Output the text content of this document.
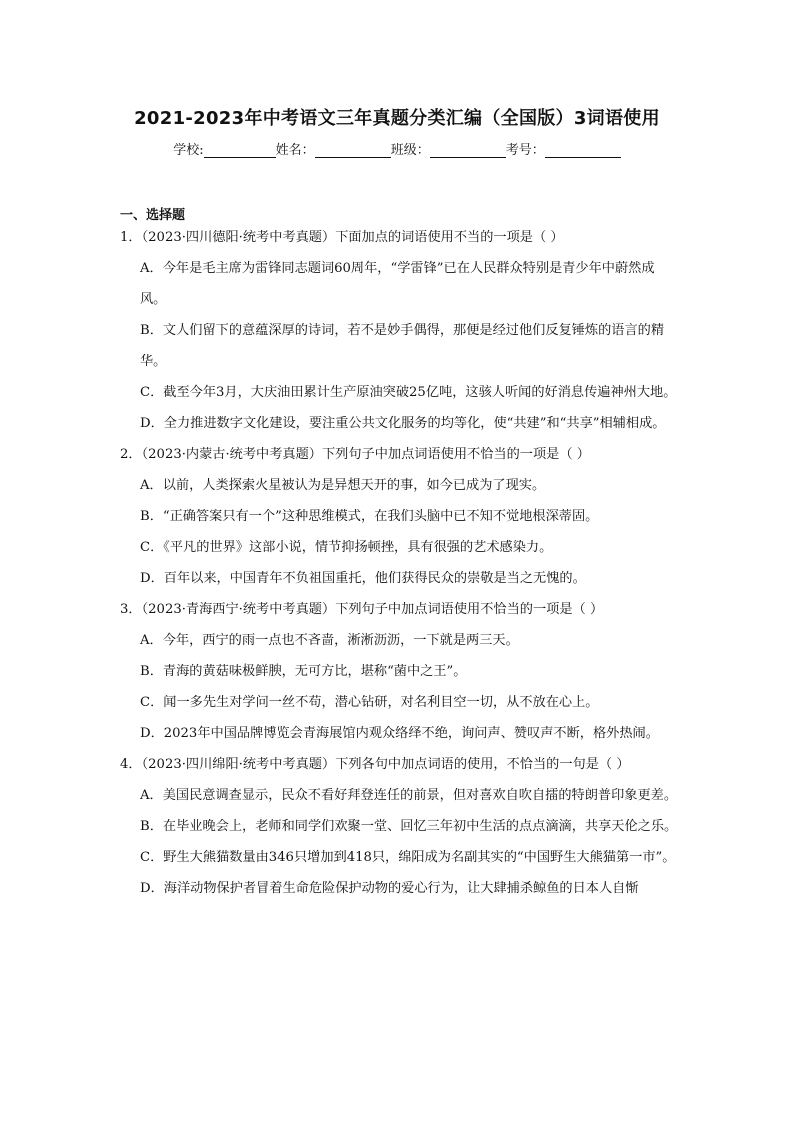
2021-2023年中考语文三年真题分类汇编（全国版）3词语使用
学校:	姓名：	班级：	考号：
一、选择题
1．（2023·四川德阳·统考中考真题）下面加点的词语使用不当的一项是（ ）
A．今年是毛主席为雷锋同志题词60周年，“学雷锋”已在人民群众特别是青少年中蔚然成风。
B．文人们留下的意蕴深厚的诗词，若不是妙手偶得，那便是经过他们反复锤炼的语言的精华。
C．截至今年3月，大庆油田累计生产原油突破25亿吨，这骇人听闻的好消息传遍神州大地。
D．全力推进数字文化建设，要注重公共文化服务的均等化，使“共建”和“共享”相辅相成。
2．（2023·内蒙古·统考中考真题）下列句子中加点词语使用不恰当的一项是（ ）
A．以前，人类探索火星被认为是异想天开的事，如今已成为了现实。
B．“正确答案只有一个”这种思维模式，在我们头脑中已不知不觉地根深蒂固。
C．《平凡的世界》这部小说，情节抑扬顿挫，具有很强的艺术感染力。
D．百年以来，中国青年不负祖国重托，他们获得民众的崇敬是当之无愧的。
3．（2023·青海西宁·统考中考真题）下列句子中加点词语使用不恰当的一项是（ ）
A．今年，西宁的雨一点也不吝啬，淅淅沥沥，一下就是两三天。
B．青海的黄菇味极鲜腴，无可方比，堪称“菌中之王”。
C．闻一多先生对学问一丝不苟，潜心钻研，对名利目空一切，从不放在心上。
D．2023年中国品牌博览会青海展馆内观众络绎不绝，询问声、赞叹声不断，格外热闹。
4．（2023·四川绵阳·统考中考真题）下列各句中加点词语的使用，不恰当的一句是（ ）
A．美国民意调查显示，民众不看好拜登连任的前景，但对喜欢自吹自擂的特朗普印象更差。
B．在毕业晚会上，老师和同学们欢聚一堂、回忆三年初中生活的点点滴滴，共享天伦之乐。
C．野生大熊猫数量由346只增加到418只，绵阳成为名副其实的“中国野生大熊猫第一市”。
D．海洋动物保护者冒着生命危险保护动物的爱心行为，让大肆捕杀鲸鱼的日本人自惭
